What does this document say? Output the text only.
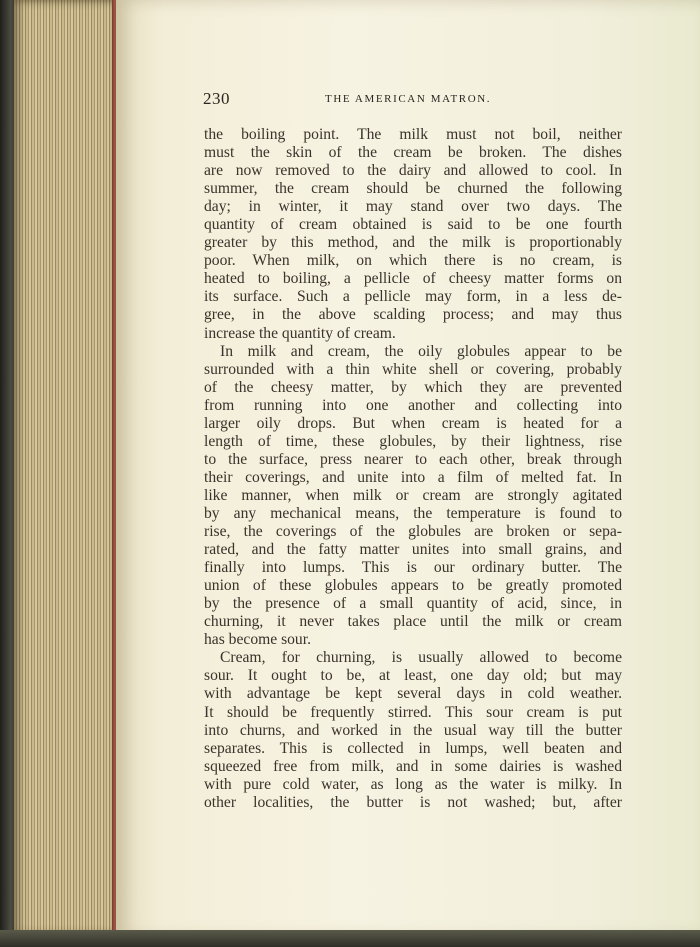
230	THE AMERICAN MATRON.
the boiling point. The milk must not boil, neither
must the skin of the cream be broken. The dishes
are now removed to the dairy and allowed to cool. In
summer, the cream should be churned the following
day; in winter, it may stand over two days. The
quantity of cream obtained is said to be one fourth
greater by this method, and the milk is proportionably
poor. When milk, on which there is no cream, is
heated to boiling, a pellicle of cheesy matter forms on
its surface. Such a pellicle may form, in a less de-
gree, in the above scalding process; and may thus
increase the quantity of cream.
In milk and cream, the oily globules appear to be
surrounded with a thin white shell or covering, probably
of the cheesy matter, by which they are prevented
from running into one another and collecting into
larger oily drops. But when cream is heated for a
length of time, these globules, by their lightness, rise
to the surface, press nearer to each other, break through
their coverings, and unite into a film of melted fat. In
like manner, when milk or cream are strongly agitated
by any mechanical means, the temperature is found to
rise, the coverings of the globules are broken or sepa-
rated, and the fatty matter unites into small grains, and
finally into lumps. This is our ordinary butter. The
union of these globules appears to be greatly promoted
by the presence of a small quantity of acid, since, in
churning, it never takes place until the milk or cream
has become sour.
Cream, for churning, is usually allowed to become
sour. It ought to be, at least, one day old; but may
with advantage be kept several days in cold weather.
It should be frequently stirred. This sour cream is put
into churns, and worked in the usual way till the butter
separates. This is collected in lumps, well beaten and
squeezed free from milk, and in some dairies is washed
with pure cold water, as long as the water is milky. In
other localities, the butter is not washed; but, after
